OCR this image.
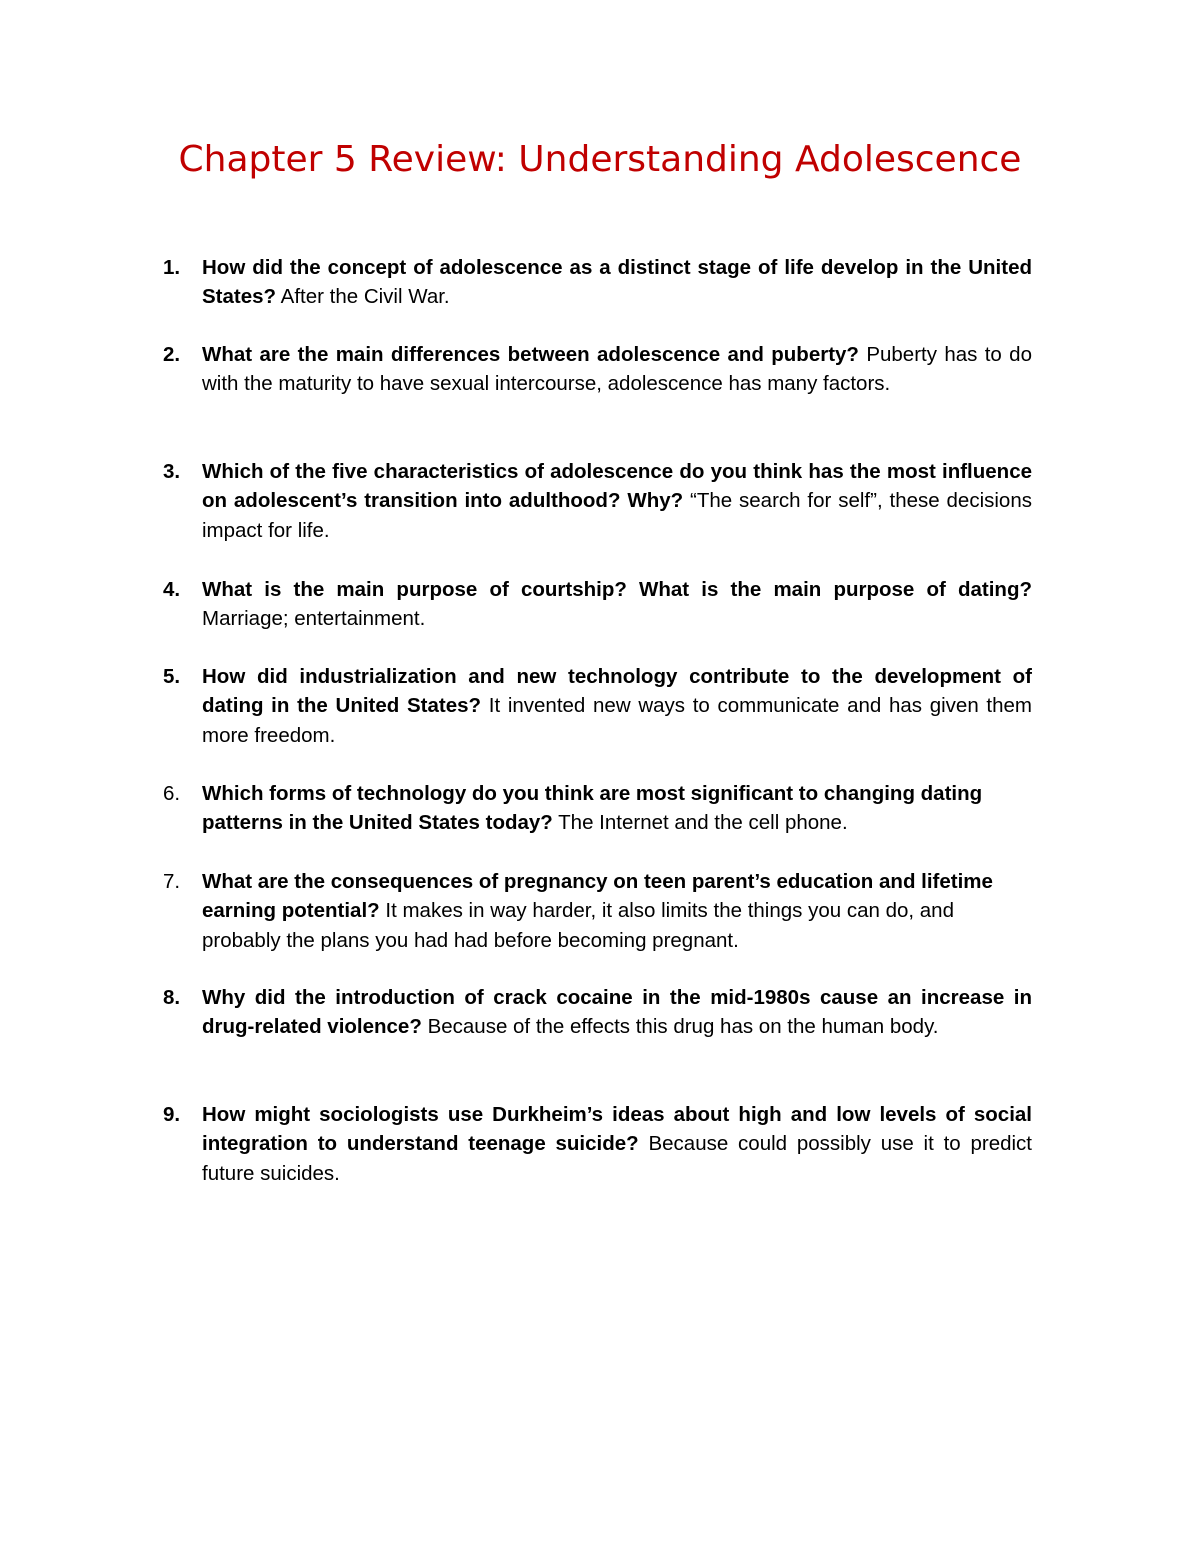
Chapter 5 Review: Understanding Adolescence
1. How did the concept of adolescence as a distinct stage of life develop in the United States? After the Civil War.

2. What are the main differences between adolescence and puberty? Puberty has to do with the maturity to have sexual intercourse, adolescence has many factors.

3. Which of the five characteristics of adolescence do you think has the most influence on adolescent’s transition into adulthood? Why? “The search for self”, these decisions impact for life.

4. What is the main purpose of courtship? What is the main purpose of dating? Marriage; entertainment.

5. How did industrialization and new technology contribute to the development of dating in the United States? It invented new ways to communicate and has given them more freedom.

6. Which forms of technology do you think are most significant to changing dating patterns in the United States today? The Internet and the cell phone.

7. What are the consequences of pregnancy on teen parent’s education and lifetime earning potential? It makes in way harder, it also limits the things you can do, and probably the plans you had had before becoming pregnant.

8. Why did the introduction of crack cocaine in the mid-1980s cause an increase in drug-related violence? Because of the effects this drug has on the human body.

9. How might sociologists use Durkheim’s ideas about high and low levels of social integration to understand teenage suicide? Because could possibly use it to predict future suicides.
